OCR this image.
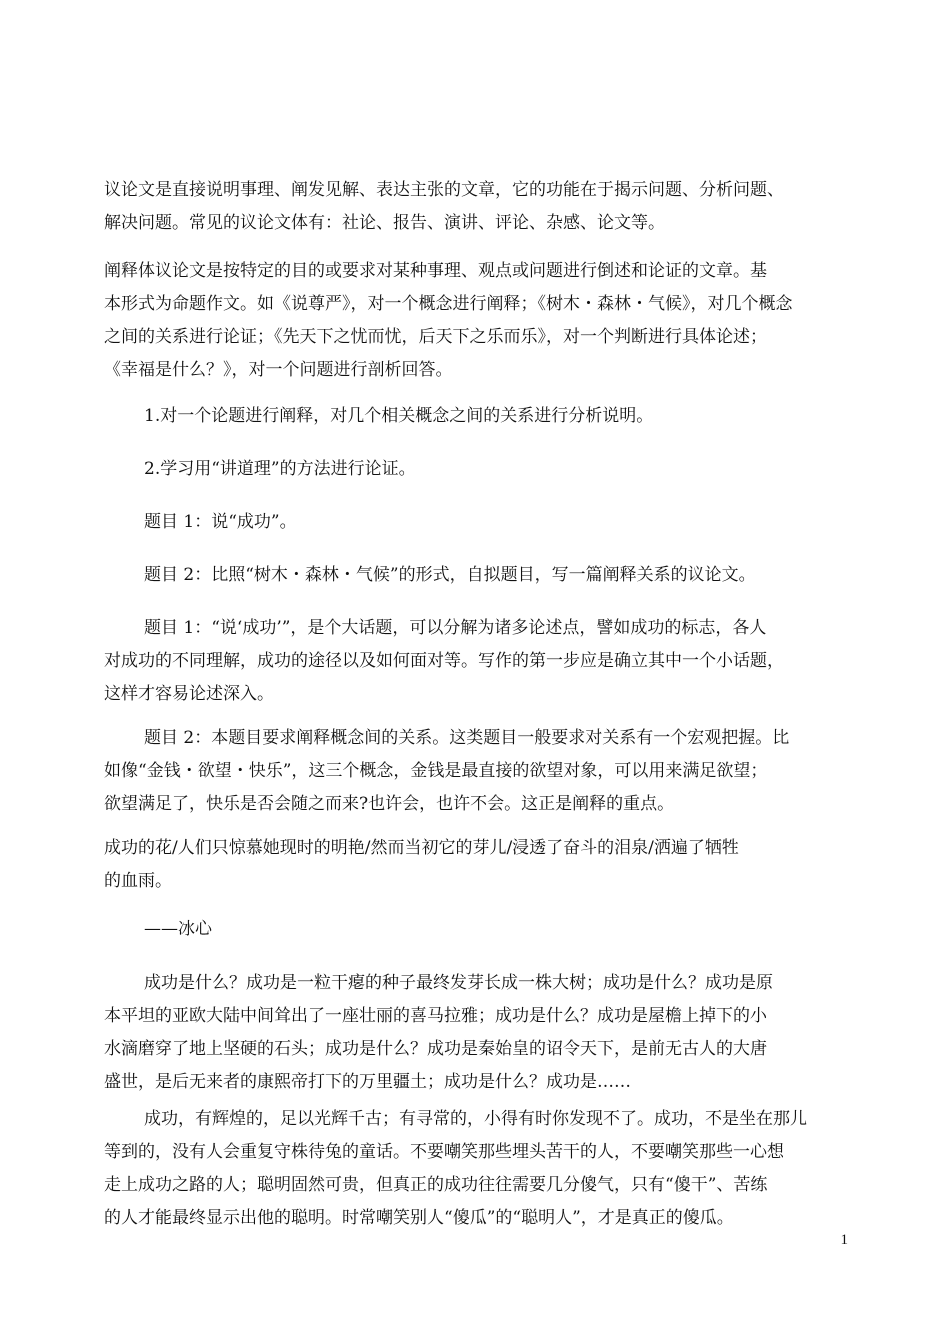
议论文是直接说明事理、阐发见解、表达主张的文章，它的功能在于揭示问题、分析问题、
解决问题。常见的议论文体有：社论、报告、演讲、评论、杂感、论文等。
阐释体议论文是按特定的目的或要求对某种事理、观点或问题进行倒述和论证的文章。基
本形式为命题作文。如《说尊严》，对一个概念进行阐释；《树木・森林・气候》，对几个概念
之间的关系进行论证；《先天下之忧而忧，后天下之乐而乐》，对一个判断进行具体论述；
《幸福是什么？》，对一个问题进行剖析回答。
1.对一个论题进行阐释，对几个相关概念之间的关系进行分析说明。
2.学习用“讲道理”的方法进行论证。
题目 1：说“成功”。
题目 2：比照“树木・森林・气候”的形式，自拟题目，写一篇阐释关系的议论文。
题目 1：“说‘成功’”，是个大话题，可以分解为诸多论述点，譬如成功的标志，各人
对成功的不同理解，成功的途径以及如何面对等。写作的第一步应是确立其中一个小话题，
这样才容易论述深入。
题目 2：本题目要求阐释概念间的关系。这类题目一般要求对关系有一个宏观把握。比
如像“金钱・欲望・快乐”，这三个概念，金钱是最直接的欲望对象，可以用来满足欲望；
欲望满足了，快乐是否会随之而来?也许会，也许不会。这正是阐释的重点。
成功的花/人们只惊慕她现时的明艳/然而当初它的芽儿/浸透了奋斗的泪泉/洒遍了牺牲
的血雨。
——冰心
成功是什么？成功是一粒干瘪的种子最终发芽长成一株大树；成功是什么？成功是原
本平坦的亚欧大陆中间耸出了一座壮丽的喜马拉雅；成功是什么？成功是屋檐上掉下的小
水滴磨穿了地上坚硬的石头；成功是什么？成功是秦始皇的诏令天下，是前无古人的大唐
盛世，是后无来者的康熙帝打下的万里疆土；成功是什么？成功是……
成功，有辉煌的，足以光辉千古；有寻常的，小得有时你发现不了。成功，不是坐在那儿
等到的，没有人会重复守株待兔的童话。不要嘲笑那些埋头苦干的人，不要嘲笑那些一心想
走上成功之路的人；聪明固然可贵，但真正的成功往往需要几分傻气，只有“傻干”、苦练
的人才能最终显示出他的聪明。时常嘲笑别人“傻瓜”的“聪明人”，才是真正的傻瓜。
1
